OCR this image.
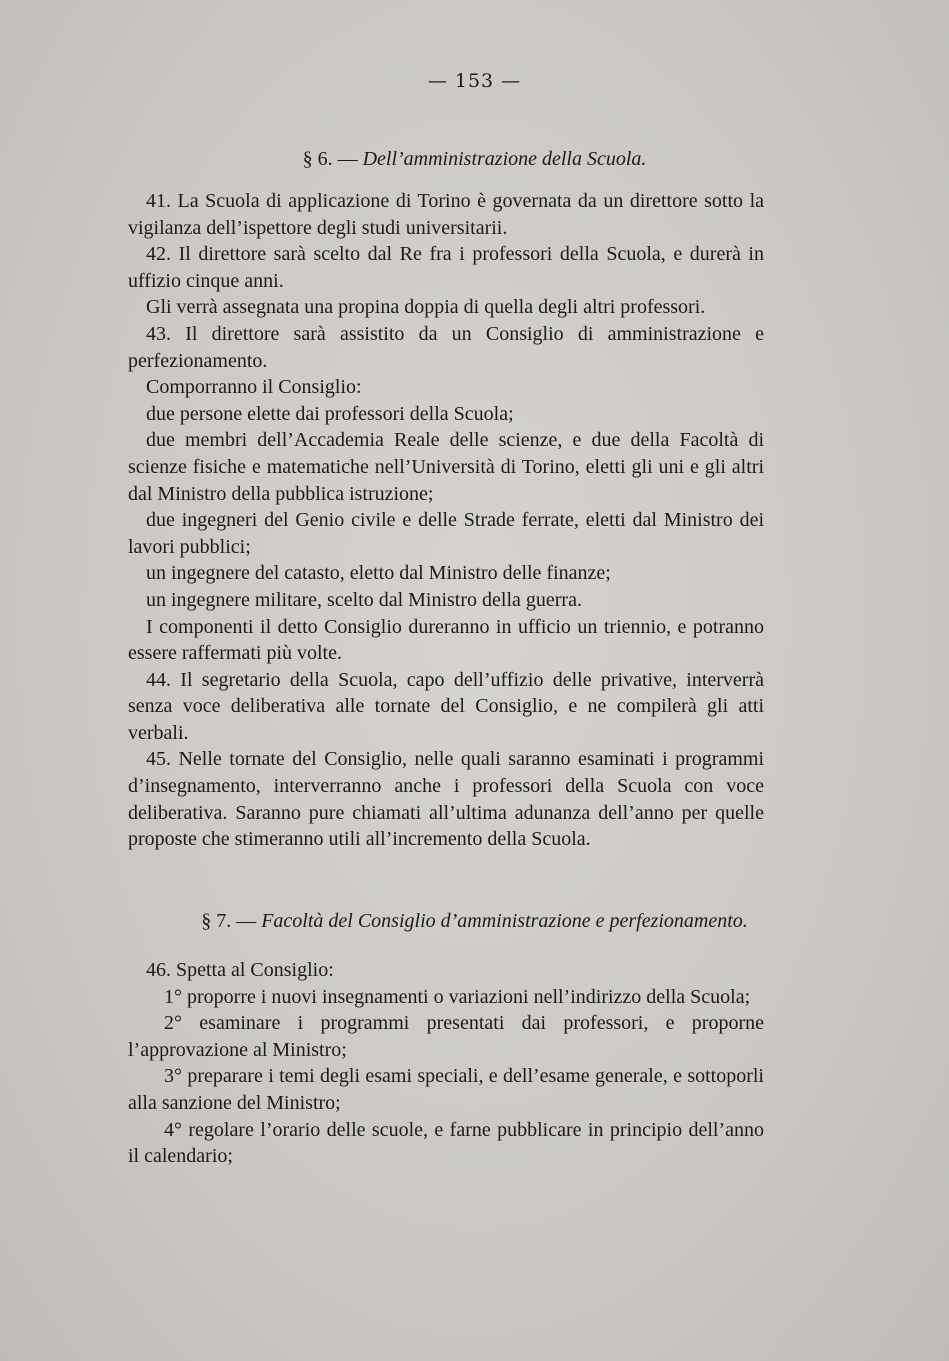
— 153 —
§ 6. — Dell’amministrazione della Scuola.

41. La Scuola di applicazione di Torino è governata da un direttore sotto la vigilanza dell’ispettore degli studi universitarii.

42. Il direttore sarà scelto dal Re fra i professori della Scuola, e durerà in uffizio cinque anni.

Gli verrà assegnata una propina doppia di quella degli altri professori.

43. Il direttore sarà assistito da un Consiglio di amministrazione e perfezionamento.

Comporranno il Consiglio:

due persone elette dai professori della Scuola;

due membri dell’Accademia Reale delle scienze, e due della Facoltà di scienze fisiche e matematiche nell’Università di Torino, eletti gli uni e gli altri dal Ministro della pubblica istruzione;

due ingegneri del Genio civile e delle Strade ferrate, eletti dal Ministro dei lavori pubblici;

un ingegnere del catasto, eletto dal Ministro delle finanze;

un ingegnere militare, scelto dal Ministro della guerra.

I componenti il detto Consiglio dureranno in ufficio un triennio, e potranno essere raffermati più volte.

44. Il segretario della Scuola, capo dell’uffizio delle privative, interverrà senza voce deliberativa alle tornate del Consiglio, e ne compilerà gli atti verbali.

45. Nelle tornate del Consiglio, nelle quali saranno esaminati i programmi d’insegnamento, interverranno anche i professori della Scuola con voce deliberativa. Saranno pure chiamati all’ultima adunanza dell’anno per quelle proposte che stimeranno utili all’incremento della Scuola.

§ 7. — Facoltà del Consiglio d’amministrazione e perfezionamento.

46. Spetta al Consiglio:

1° proporre i nuovi insegnamenti o variazioni nell’indirizzo della Scuola;

2° esaminare i programmi presentati dai professori, e proporne l’approvazione al Ministro;

3° preparare i temi degli esami speciali, e dell’esame generale, e sottoporli alla sanzione del Ministro;

4° regolare l’orario delle scuole, e farne pubblicare in principio dell’anno il calendario;
